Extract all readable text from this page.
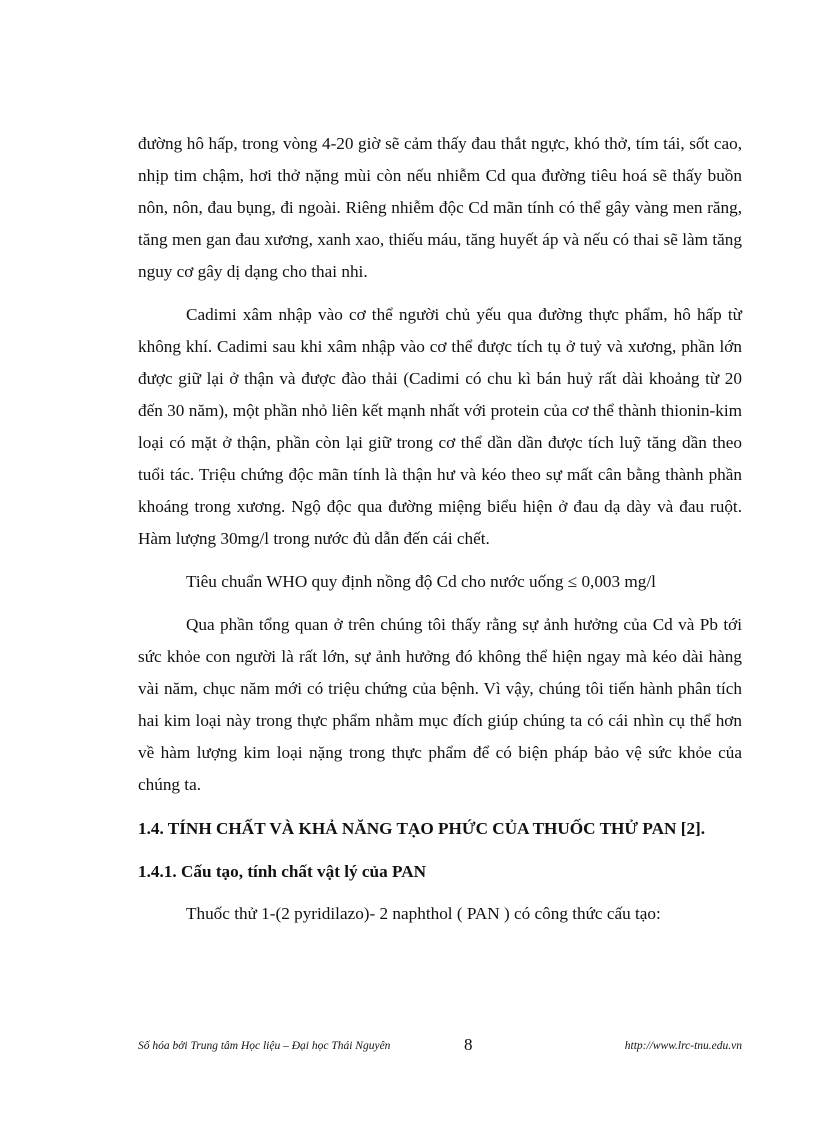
đường hô hấp, trong vòng 4-20 giờ sẽ cảm thấy đau thắt ngực, khó thở, tím tái, sốt cao, nhịp tim chậm, hơi thở nặng mùi còn nếu nhiễm Cd qua đường tiêu hoá sẽ thấy buồn nôn, nôn, đau bụng, đi ngoài. Riêng nhiễm độc Cd mãn tính có thể gây vàng men răng, tăng men gan đau xương, xanh xao, thiếu máu, tăng huyết áp và nếu có thai sẽ làm tăng nguy cơ gây dị dạng cho thai nhi.

Cadimi xâm nhập vào cơ thể người chủ yếu qua đường thực phẩm, hô hấp từ không khí. Cadimi sau khi xâm nhập vào cơ thể được tích tụ ở tuỷ và xương, phần lớn được giữ lại ở thận và được đào thải (Cadimi có chu kì bán huỷ rất dài khoảng từ 20 đến 30 năm), một phần nhỏ liên kết mạnh nhất với protein của cơ thể thành thionin-kim loại có mặt ở thận, phần còn lại giữ trong cơ thể dần dần được tích luỹ tăng dần theo tuổi tác. Triệu chứng độc mãn tính là thận hư và kéo theo sự mất cân bằng thành phần khoáng trong xương. Ngộ độc qua đường miệng biểu hiện ở đau dạ dày và đau ruột. Hàm lượng 30mg/l trong nước đủ dẫn đến cái chết.

Tiêu chuẩn WHO quy định nồng độ Cd cho nước uống ≤ 0,003 mg/l

Qua phần tổng quan ở trên chúng tôi thấy rằng sự ảnh hưởng của Cd và Pb tới sức khỏe con người là rất lớn, sự ảnh hưởng đó không thể hiện ngay mà kéo dài hàng vài năm, chục năm mới có triệu chứng của bệnh. Vì vậy, chúng tôi tiến hành phân tích hai kim loại này trong thực phẩm nhằm mục đích giúp chúng ta có cái nhìn cụ thể hơn về hàm lượng kim loại nặng trong thực phẩm để có biện pháp bảo vệ sức khỏe của chúng ta.

1.4. TÍNH CHẤT VÀ KHẢ NĂNG TẠO PHỨC CỦA THUỐC THỬ PAN [2].

1.4.1. Cấu tạo, tính chất vật lý của PAN

Thuốc thử 1-(2 pyridilazo)- 2 naphthol ( PAN ) có công thức cấu tạo:

Số hóa bởi Trung tâm Học liệu – Đại học Thái Nguyên	8	http://www.lrc-tnu.edu.vn
